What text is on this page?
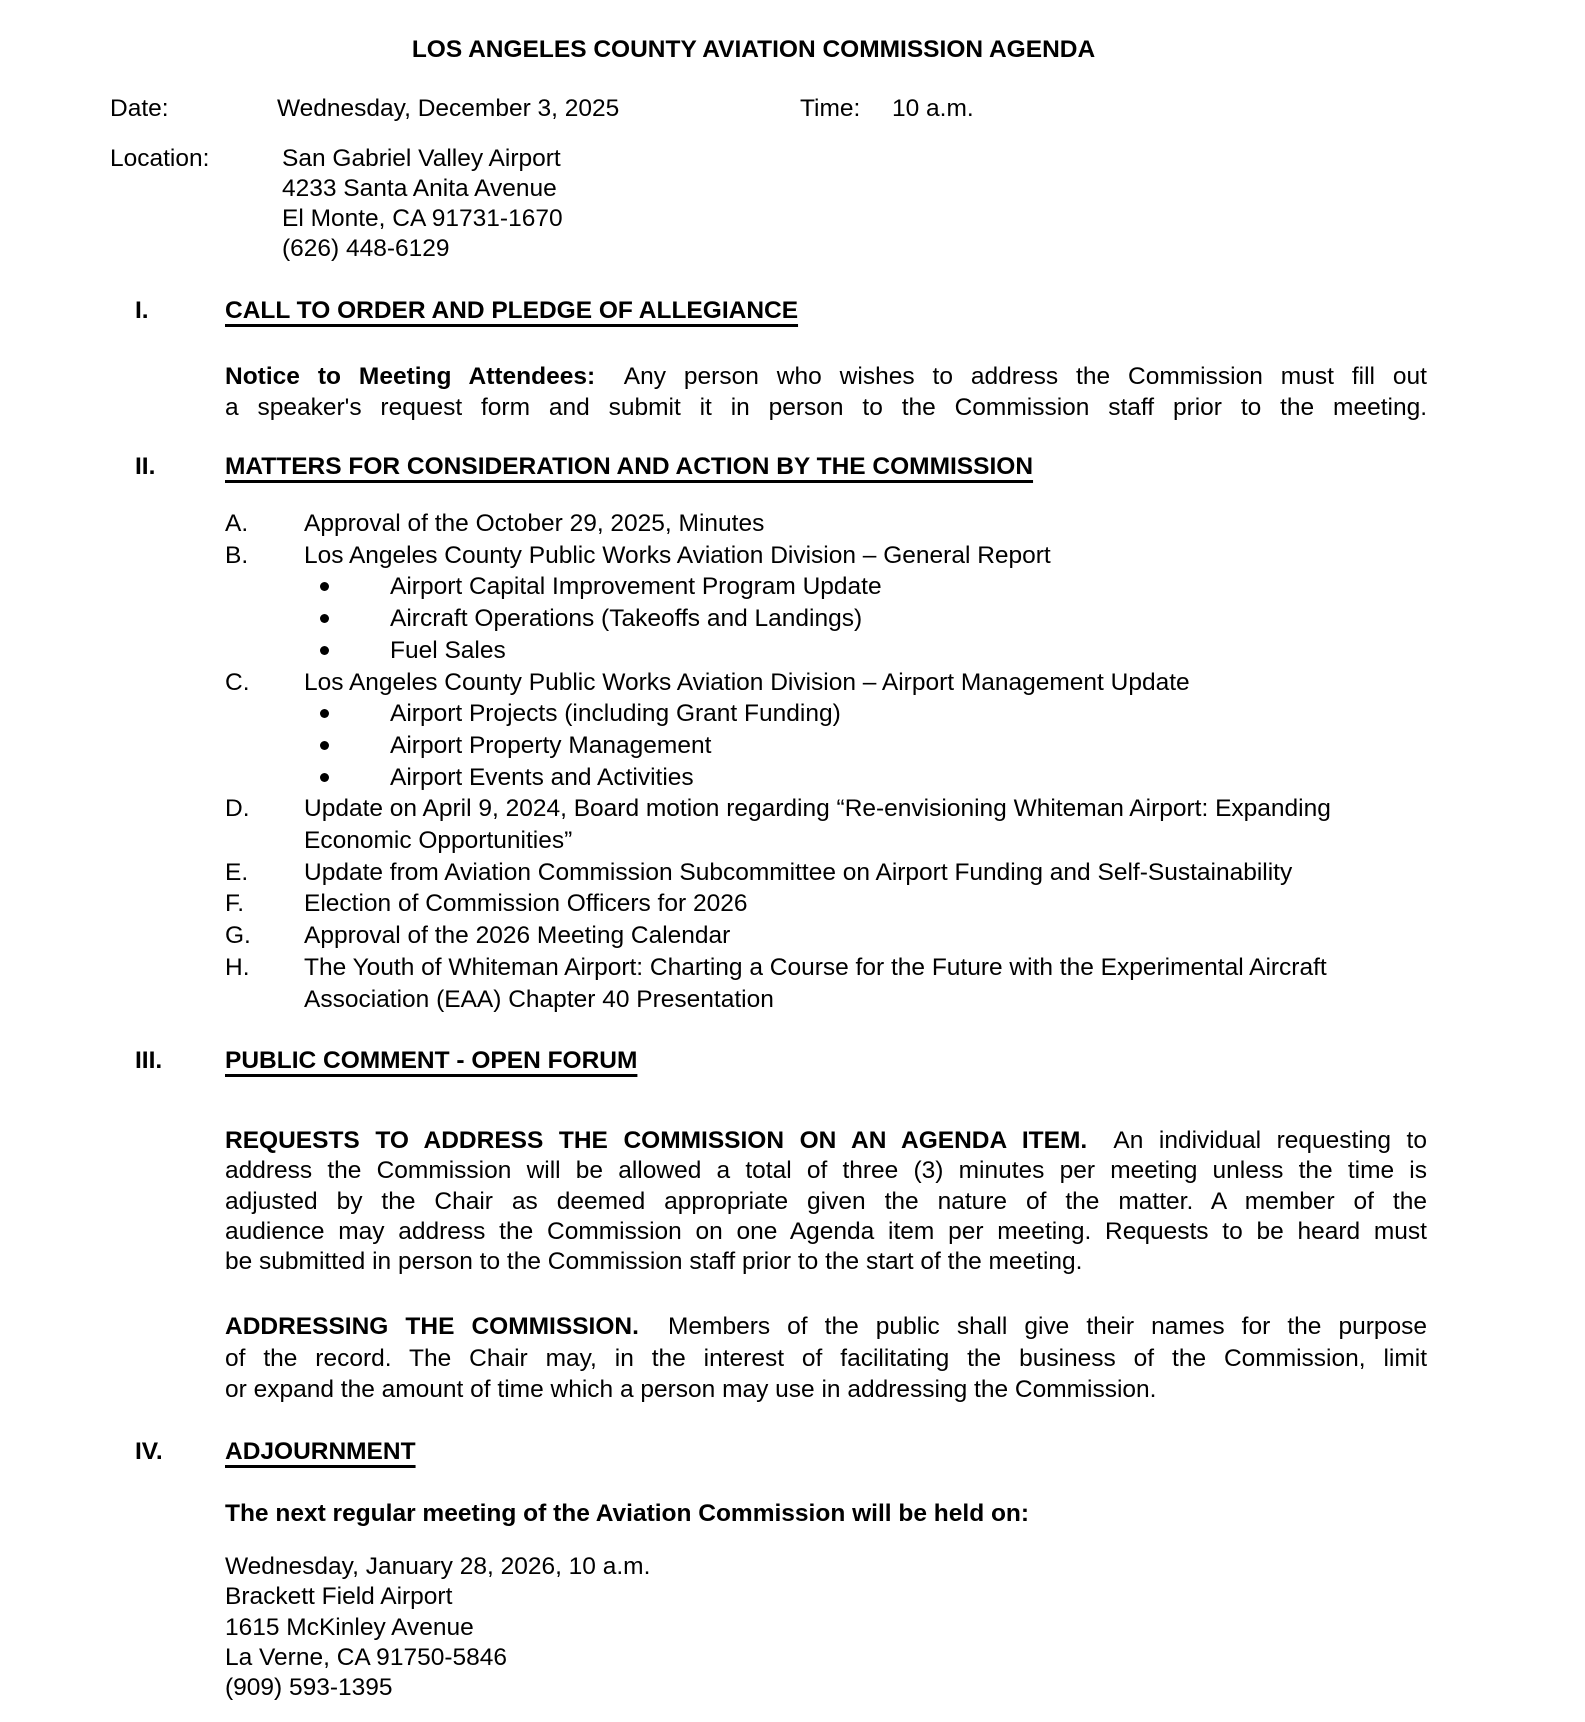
LOS ANGELES COUNTY AVIATION COMMISSION AGENDA
Date:	Wednesday, December 3, 2025	Time: 10 a.m.
Location:	San Gabriel Valley Airport
4233 Santa Anita Avenue
El Monte, CA 91731-1670
(626) 448-6129
I.	CALL TO ORDER AND PLEDGE OF ALLEGIANCE
Notice to Meeting Attendees: Any person who wishes to address the Commission must fill out
a speaker's request form and submit it in person to the Commission staff prior to the meeting.
II.	MATTERS FOR CONSIDERATION AND ACTION BY THE COMMISSION
A. Approval of the October 29, 2025, Minutes
B. Los Angeles County Public Works Aviation Division – General Report
Airport Capital Improvement Program Update
Aircraft Operations (Takeoffs and Landings)
Fuel Sales
C. Los Angeles County Public Works Aviation Division – Airport Management Update
Airport Projects (including Grant Funding)
Airport Property Management
Airport Events and Activities
D. Update on April 9, 2024, Board motion regarding “Re-envisioning Whiteman Airport: Expanding
Economic Opportunities”
E. Update from Aviation Commission Subcommittee on Airport Funding and Self-Sustainability
F. Election of Commission Officers for 2026
G. Approval of the 2026 Meeting Calendar
H. The Youth of Whiteman Airport: Charting a Course for the Future with the Experimental Aircraft
Association (EAA) Chapter 40 Presentation
III.	PUBLIC COMMENT - OPEN FORUM
REQUESTS TO ADDRESS THE COMMISSION ON AN AGENDA ITEM. An individual requesting to
address the Commission will be allowed a total of three (3) minutes per meeting unless the time is
adjusted by the Chair as deemed appropriate given the nature of the matter. A member of the
audience may address the Commission on one Agenda item per meeting. Requests to be heard must
be submitted in person to the Commission staff prior to the start of the meeting.
ADDRESSING THE COMMISSION. Members of the public shall give their names for the purpose
of the record. The Chair may, in the interest of facilitating the business of the Commission, limit
or expand the amount of time which a person may use in addressing the Commission.
IV.	ADJOURNMENT
The next regular meeting of the Aviation Commission will be held on:
Wednesday, January 28, 2026, 10 a.m.
Brackett Field Airport
1615 McKinley Avenue
La Verne, CA 91750-5846
(909) 593-1395
